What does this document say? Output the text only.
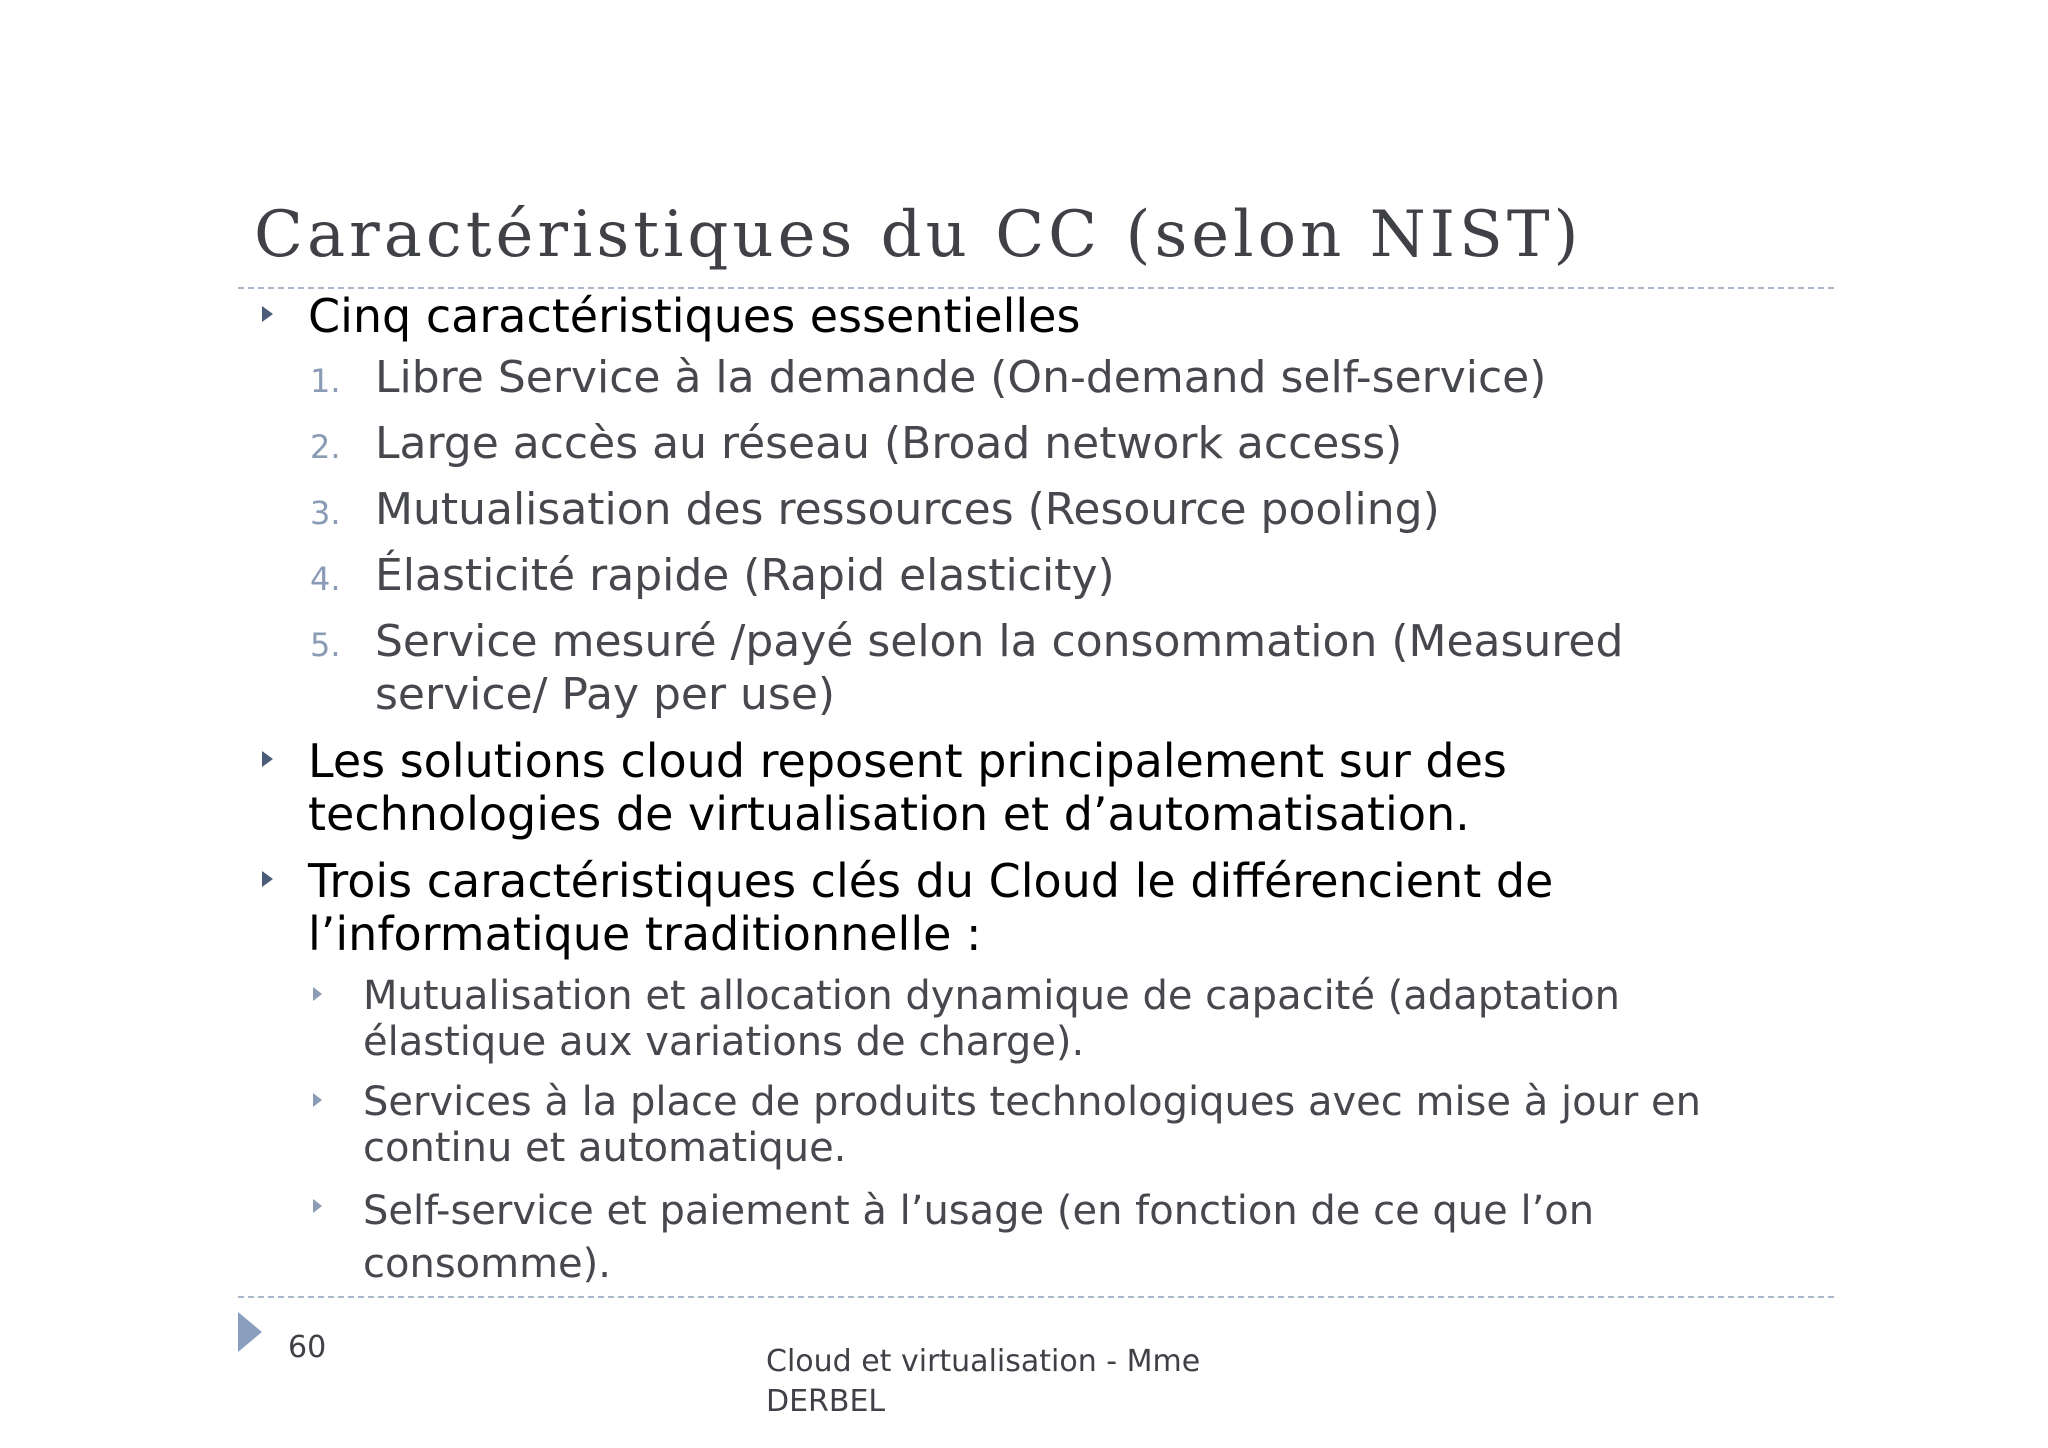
Caractéristiques du CC (selon NIST)

Cinq caractéristiques essentielles

1. Libre Service à la demande (On-demand self-service)
2. Large accès au réseau (Broad network access)
3. Mutualisation des ressources (Resource pooling)
4. Élasticité rapide (Rapid elasticity)
5. Service mesuré /payé selon la consommation (Measured service/ Pay per use)

Les solutions cloud reposent principalement sur des technologies de virtualisation et d’automatisation.

Trois caractéristiques clés du Cloud le différencient de l’informatique traditionnelle :

Mutualisation et allocation dynamique de capacité (adaptation élastique aux variations de charge).

Services à la place de produits technologiques avec mise à jour en continu et automatique.

Self-service et paiement à l’usage (en fonction de ce que l’on consomme).

60	Cloud et virtualisation - Mme DERBEL
